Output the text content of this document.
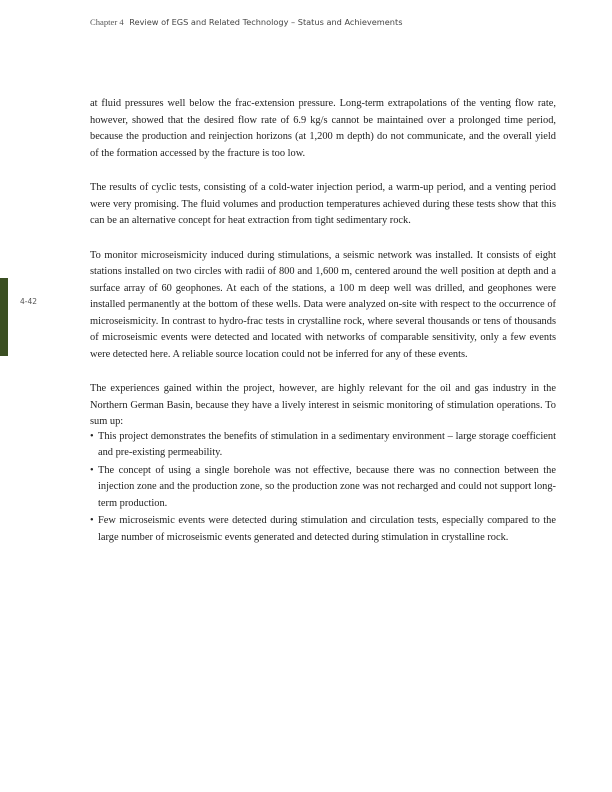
Chapter 4 Review of EGS and Related Technology – Status and Achievements
4-42

at fluid pressures well below the frac-extension pressure. Long-term extrapolations of the venting flow rate, however, showed that the desired flow rate of 6.9 kg/s cannot be maintained over a prolonged time period, because the production and reinjection horizons (at 1,200 m depth) do not communicate, and the overall yield of the formation accessed by the fracture is too low.

The results of cyclic tests, consisting of a cold-water injection period, a warm-up period, and a venting period were very promising. The fluid volumes and production temperatures achieved during these tests show that this can be an alternative concept for heat extraction from tight sedimentary rock.

To monitor microseismicity induced during stimulations, a seismic network was installed. It consists of eight stations installed on two circles with radii of 800 and 1,600 m, centered around the well position at depth and a surface array of 60 geophones. At each of the stations, a 100 m deep well was drilled, and geophones were installed permanently at the bottom of these wells. Data were analyzed on-site with respect to the occurrence of microseismicity. In contrast to hydro-frac tests in crystalline rock, where several thousands or tens of thousands of microseismic events were detected and located with networks of comparable sensitivity, only a few events were detected here. A reliable source location could not be inferred for any of these events.

The experiences gained within the project, however, are highly relevant for the oil and gas industry in the Northern German Basin, because they have a lively interest in seismic monitoring of stimulation operations. To sum up:

• This project demonstrates the benefits of stimulation in a sedimentary environment – large storage coefficient and pre-existing permeability.
• The concept of using a single borehole was not effective, because there was no connection between the injection zone and the production zone, so the production zone was not recharged and could not support long-term production.
• Few microseismic events were detected during stimulation and circulation tests, especially compared to the large number of microseismic events generated and detected during stimulation in crystalline rock.
